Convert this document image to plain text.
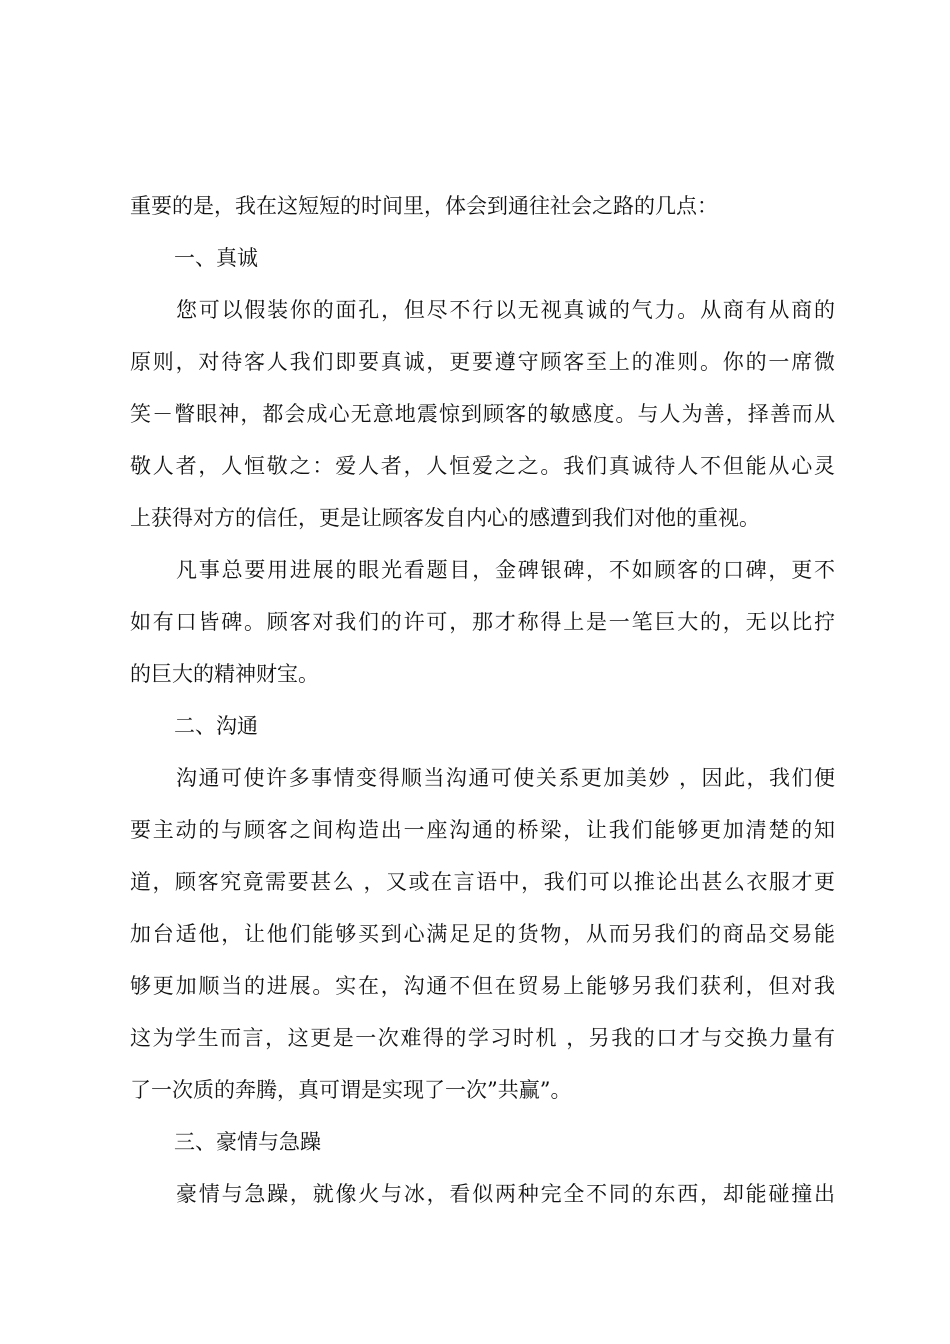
重要的是，我在这短短的时间里，体会到通往社会之路的几点：
一、真诚
您可以假装你的面孔，但尽不行以无视真诚的气力。从商有从商的
原则，对待客人我们即要真诚，更要遵守顾客至上的准则。你的一席微
笑－瞥眼神，都会成心无意地震惊到顾客的敏感度。与人为善，择善而从
敬人者，人恒敬之：爱人者，人恒爱之之。我们真诚待人不但能从心灵
上获得对方的信任，更是让顾客发自内心的感遭到我们对他的重视。
凡事总要用进展的眼光看题目，金碑银碑，不如顾客的口碑，更不
如有口皆碑。顾客对我们的许可，那才称得上是一笔巨大的，无以比拧
的巨大的精神财宝。
二、沟通
沟通可使许多事情变得顺当沟通可使关系更加美妙 ，因此，我们便
要主动的与顾客之间构造出一座沟通的桥梁，让我们能够更加清楚的知
道，顾客究竟需要甚么 ，又或在言语中，我们可以推论出甚么衣服才更
加台适他，让他们能够买到心满足足的货物，从而另我们的商品交易能
够更加顺当的进展。实在，沟通不但在贸易上能够另我们获利，但对我
这为学生而言，这更是一次难得的学习时机 ，另我的口才与交换力量有
了一次质的奔腾，真可谓是实现了一次”共赢”。
三、豪情与急躁
豪情与急躁，就像火与冰，看似两种完全不同的东西，却能碰撞出
